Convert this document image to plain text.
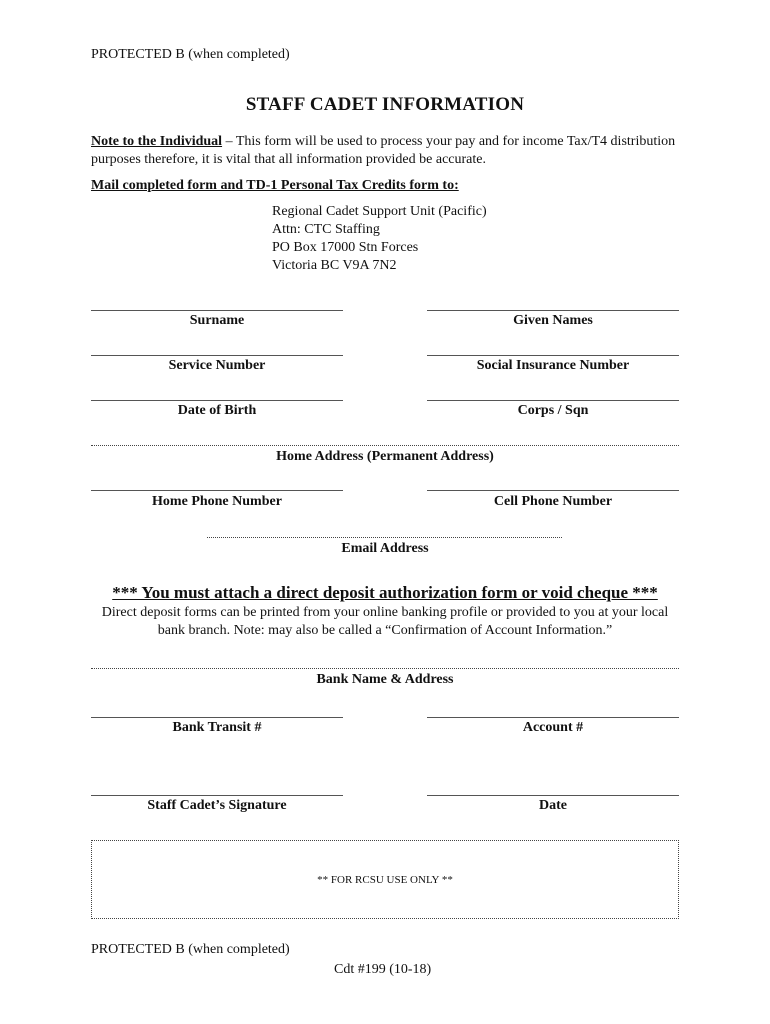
PROTECTED B (when completed)
STAFF CADET INFORMATION
Note to the Individual – This form will be used to process your pay and for income Tax/T4 distribution purposes therefore, it is vital that all information provided be accurate.
Mail completed form and TD-1 Personal Tax Credits form to:
Regional Cadet Support Unit (Pacific)
Attn: CTC Staffing
PO Box 17000 Stn Forces
Victoria BC V9A 7N2
Surname	Given Names
Service Number	Social Insurance Number
Date of Birth	Corps / Sqn
Home Address (Permanent Address)
Home Phone Number	Cell Phone Number
Email Address
*** You must attach a direct deposit authorization form or void cheque ***
Direct deposit forms can be printed from your online banking profile or provided to you at your local bank branch. Note: may also be called a “Confirmation of Account Information.”
Bank Name & Address
Bank Transit #	Account #
Staff Cadet’s Signature	Date
** FOR RCSU USE ONLY **
PROTECTED B (when completed)
Cdt #199 (10-18)
